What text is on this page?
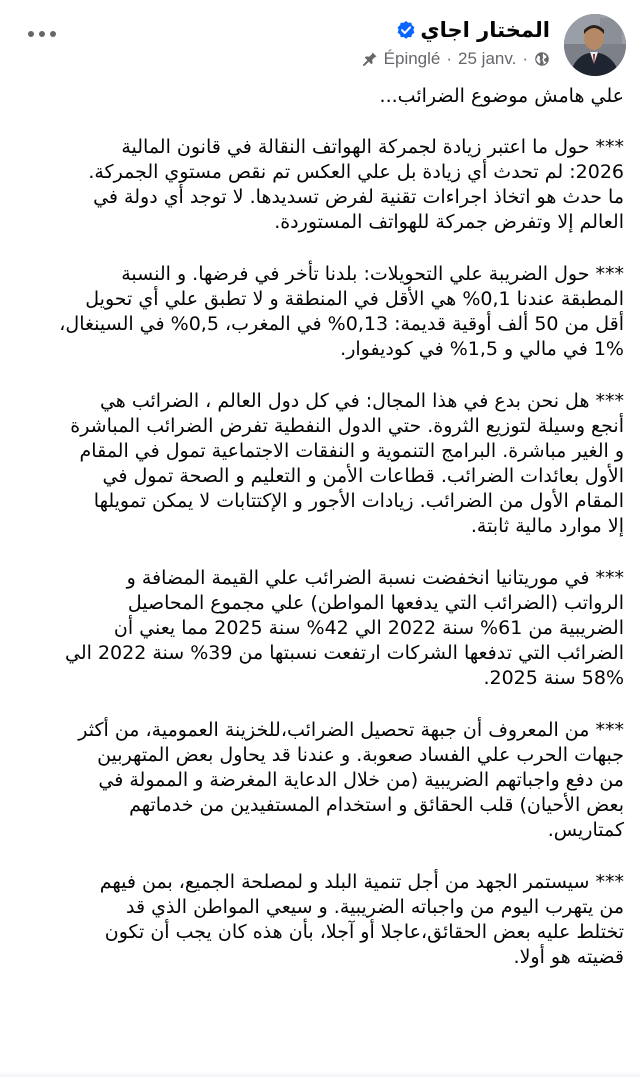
المختار اجاي
Épinglé · 25 janv. ·

علي هامش موضوع الضرائب...

*** حول ما اعتبر زيادة لجمركة الهواتف النقالة في قانون المالية
2026: لم تحدث أي زيادة بل علي العكس تم نقص مستوي الجمركة.
ما حدث هو اتخاذ اجراءات تقنية لفرض تسديدها. لا توجد أي دولة في
العالم إلا وتفرض جمركة للهواتف المستوردة.

*** حول الضريبة علي التحويلات: بلدنا تأخر في فرضها. و النسبة
المطبقة عندنا 0,1% هي الأقل في المنطقة و لا تطبق علي أي تحويل
أقل من 50 ألف أوقية قديمة: 0,13% في المغرب، 0,5% في السينغال،
1% في مالي و 1,5% في كوديفوار.

*** هل نحن بدع في هذا المجال: في كل دول العالم ، الضرائب هي
أنجع وسيلة لتوزيع الثروة. حتي الدول النفطية تفرض الضرائب المباشرة
و الغير مباشرة. البرامج التنموية و النفقات الاجتماعية تمول في المقام
الأول بعائدات الضرائب. قطاعات الأمن و التعليم و الصحة تمول في
المقام الأول من الضرائب. زيادات الأجور و الإكتتابات لا يمكن تمويلها
إلا موارد مالية ثابتة.

*** في موريتانيا انخفضت نسبة الضرائب علي القيمة المضافة و
الرواتب (الضرائب التي يدفعها المواطن) علي مجموع المحاصيل
الضريبية من 61% سنة 2022 الي 42% سنة 2025 مما يعني أن
الضرائب التي تدفعها الشركات ارتفعت نسبتها من 39% سنة 2022 الي
58% سنة 2025.

*** من المعروف أن جبهة تحصيل الضرائب،للخزينة العمومية، من أكثر
جبهات الحرب علي الفساد صعوبة. و عندنا قد يحاول بعض المتهربين
من دفع واجباتهم الضريبية (من خلال الدعاية المغرضة و الممولة في
بعض الأحيان) قلب الحقائق و استخدام المستفيدين من خدماتهم
كمتاريس.

*** سيستمر الجهد من أجل تنمية البلد و لمصلحة الجميع، بمن فيهم
من يتهرب اليوم من واجباته الضريبية. و سيعي المواطن الذي قد
تختلط عليه بعض الحقائق،عاجلا أو آجلا، بأن هذه كان يجب أن تكون
قضيته هو أولا.
